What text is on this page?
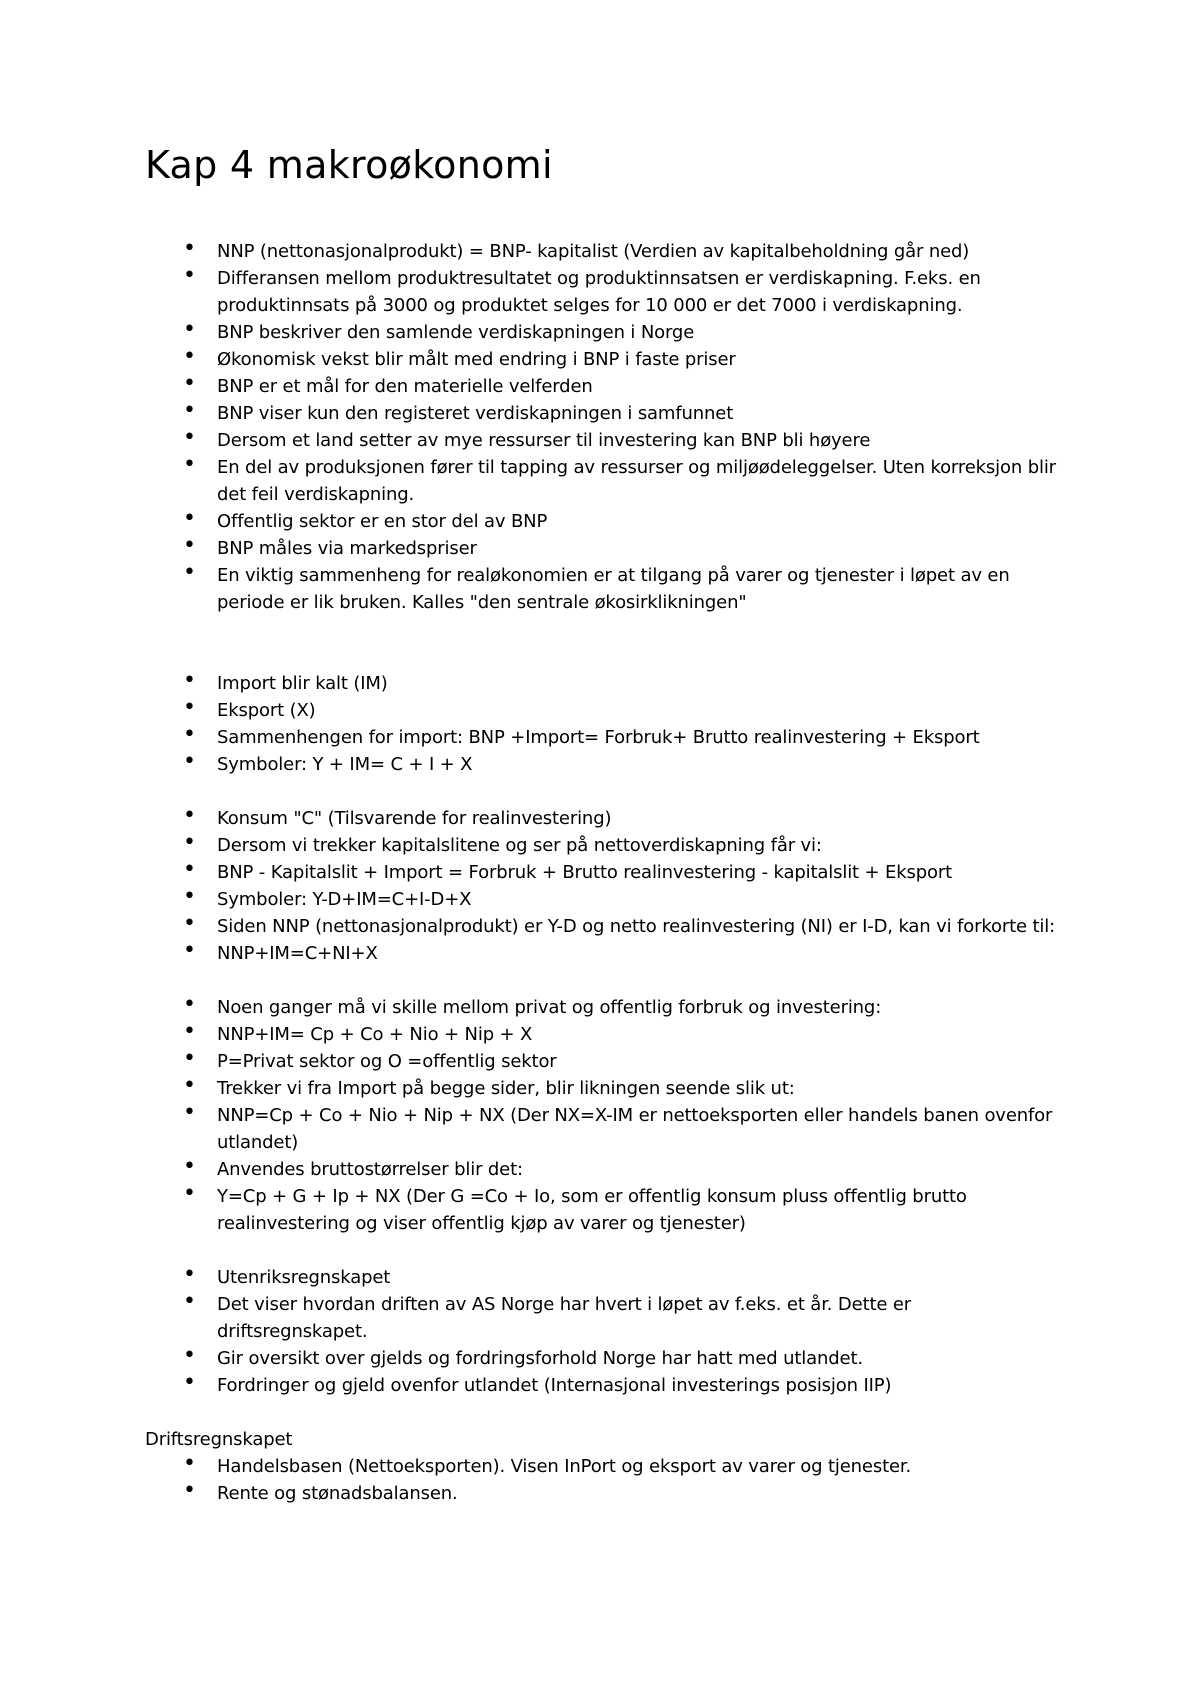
Kap 4 makroøkonomi
• NNP (nettonasjonalprodukt) = BNP- kapitalist (Verdien av kapitalbeholdning går ned)
• Differansen mellom produktresultatet og produktinnsatsen er verdiskapning. F.eks. en produktinnsats på 3000 og produktet selges for 10 000 er det 7000 i verdiskapning.
• BNP beskriver den samlende verdiskapningen i Norge
• Økonomisk vekst blir målt med endring i BNP i faste priser
• BNP er et mål for den materielle velferden
• BNP viser kun den registeret verdiskapningen i samfunnet
• Dersom et land setter av mye ressurser til investering kan BNP bli høyere
• En del av produksjonen fører til tapping av ressurser og miljøødeleggelser. Uten korreksjon blir det feil verdiskapning.
• Offentlig sektor er en stor del av BNP
• BNP måles via markedspriser
• En viktig sammenheng for realøkonomien er at tilgang på varer og tjenester i løpet av en periode er lik bruken. Kalles "den sentrale økosirklikningen"
• Import blir kalt (IM)
• Eksport (X)
• Sammenhengen for import: BNP +Import= Forbruk+ Brutto realinvestering + Eksport
• Symboler: Y + IM= C + I + X
• Konsum "C" (Tilsvarende for realinvestering)
• Dersom vi trekker kapitalslitene og ser på nettoverdiskapning får vi:
• BNP - Kapitalslit + Import = Forbruk + Brutto realinvestering - kapitalslit + Eksport
• Symboler: Y-D+IM=C+I-D+X
• Siden NNP (nettonasjonalprodukt) er Y-D og netto realinvestering (NI) er I-D, kan vi forkorte til:
• NNP+IM=C+NI+X
• Noen ganger må vi skille mellom privat og offentlig forbruk og investering:
• NNP+IM= Cp + Co + Nio + Nip + X
• P=Privat sektor og O =offentlig sektor
• Trekker vi fra Import på begge sider, blir likningen seende slik ut:
• NNP=Cp + Co + Nio + Nip + NX (Der NX=X-IM er nettoeksporten eller handels banen ovenfor utlandet)
• Anvendes bruttostørrelser blir det:
• Y=Cp + G + Ip + NX (Der G =Co + Io, som er offentlig konsum pluss offentlig brutto realinvestering og viser offentlig kjøp av varer og tjenester)
• Utenriksregnskapet
• Det viser hvordan driften av AS Norge har hvert i løpet av f.eks. et år. Dette er driftsregnskapet.
• Gir oversikt over gjelds og fordringsforhold Norge har hatt med utlandet.
• Fordringer og gjeld ovenfor utlandet (Internasjonal investerings posisjon IIP)

Driftsregnskapet

• Handelsbasen (Nettoeksporten). Visen InPort og eksport av varer og tjenester.
• Rente og stønadsbalansen.
